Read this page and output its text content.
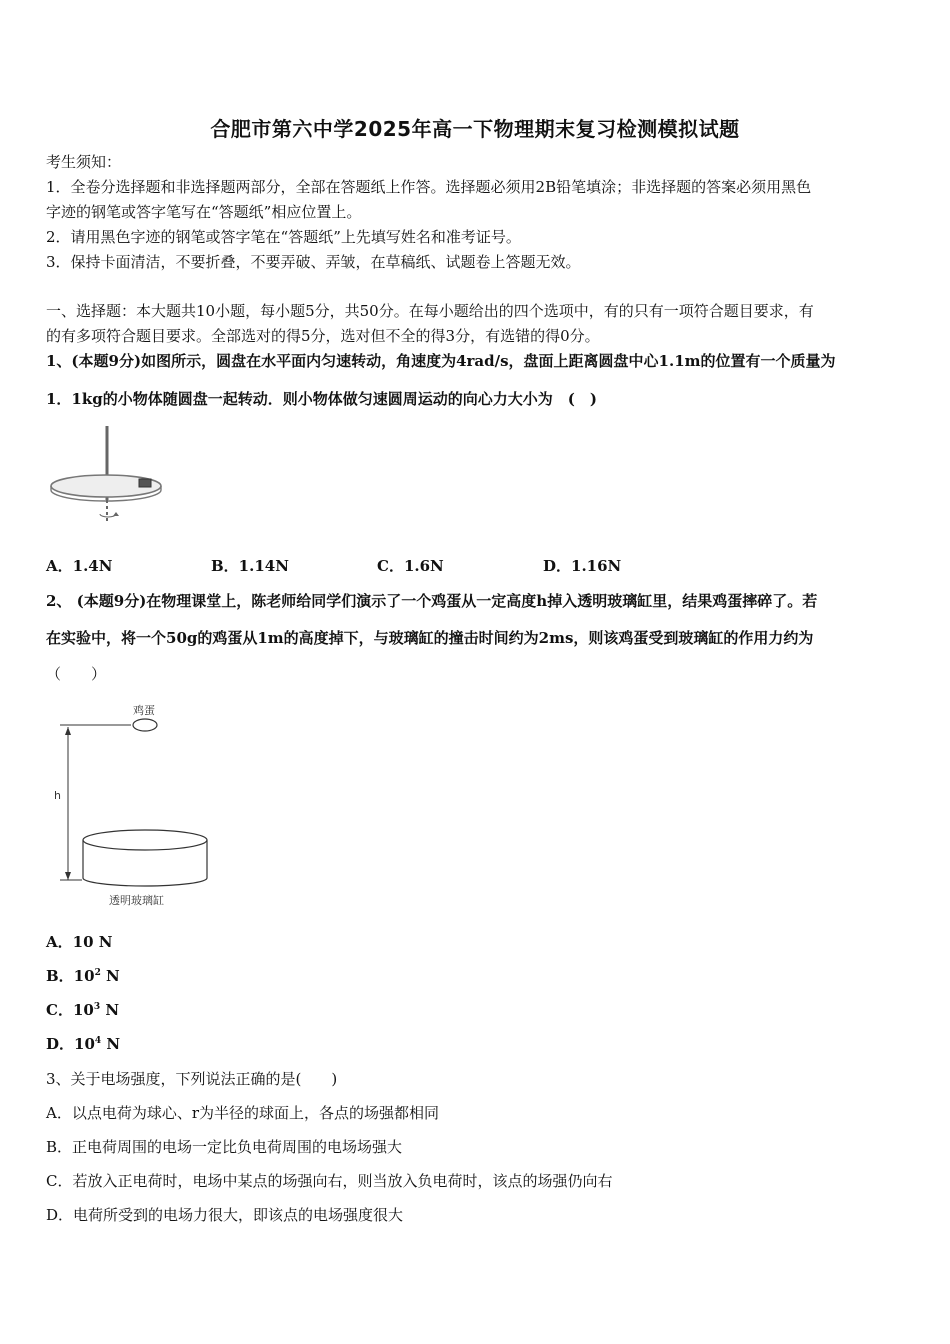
合肥市第六中学2025年高一下物理期末复习检测模拟试题
考生须知：
1．全卷分选择题和非选择题两部分，全部在答题纸上作答。选择题必须用2B铅笔填涂；非选择题的答案必须用黑色
字迹的钢笔或答字笔写在“答题纸”相应位置上。
2．请用黑色字迹的钢笔或答字笔在“答题纸”上先填写姓名和准考证号。
3．保持卡面清洁，不要折叠，不要弄破、弄皱，在草稿纸、试题卷上答题无效。
一、选择题：本大题共10小题，每小题5分，共50分。在每小题给出的四个选项中，有的只有一项符合题目要求，有
的有多项符合题目要求。全部选对的得5分，选对但不全的得3分，有选错的得0分。
1、(本题9分)如图所示，圆盘在水平面内匀速转动，角速度为4rad/s，盘面上距离圆盘中心1.1m的位置有一个质量为
1．1kg的小物体随圆盘一起转动．则小物体做匀速圆周运动的向心力大小为　(　)
A．1.4N	B．1.14N	C．1.6N	D．1.16N
2、 (本题9分)在物理课堂上，陈老师给同学们演示了一个鸡蛋从一定高度h掉入透明玻璃缸里，结果鸡蛋摔碎了。若
在实验中，将一个50g的鸡蛋从1m的高度掉下，与玻璃缸的撞击时间约为2ms，则该鸡蛋受到玻璃缸的作用力约为
（　　）
鸡蛋
h
透明玻璃缸
A．10 N
B．$10^2$ N
C．$10^3$ N
D．$10^4$ N
3、关于电场强度，下列说法正确的是(　　)
A．以点电荷为球心、r为半径的球面上，各点的场强都相同
B．正电荷周围的电场一定比负电荷周围的电场场强大
C．若放入正电荷时，电场中某点的场强向右，则当放入负电荷时，该点的场强仍向右
D．电荷所受到的电场力很大，即该点的电场强度很大
